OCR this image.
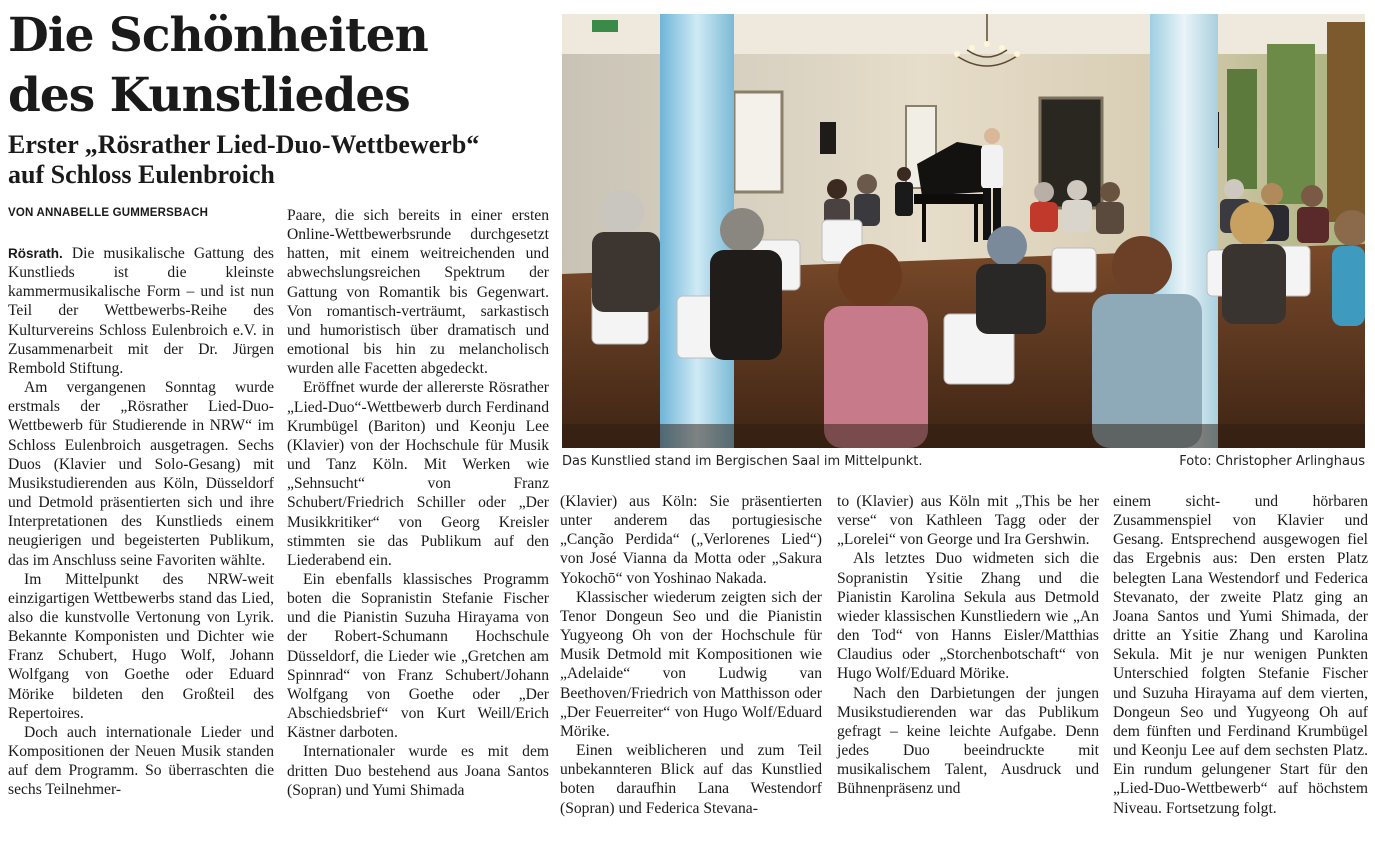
Die Schönheiten
des Kunstliedes
Erster „Rösrather Lied-Duo-Wettbewerb“
auf Schloss Eulenbroich
VON ANNABELLE GUMMERSBACH

Rösrath. Die musikalische Gattung des Kunstlieds ist die kleinste kammermusikalische Form – und ist nun Teil der Wettbewerbs-Reihe des Kulturvereins Schloss Eulenbroich e.V. in Zusammenarbeit mit der Dr. Jürgen Rembold Stiftung.

Am vergangenen Sonntag wurde erstmals der „Rösrather Lied-Duo-Wettbewerb für Studierende in NRW“ im Schloss Eulenbroich ausgetragen. Sechs Duos (Klavier und Solo-Gesang) mit Musikstudierenden aus Köln, Düsseldorf und Detmold präsentierten sich und ihre Interpretationen des Kunstlieds einem neugierigen und begeisterten Publikum, das im Anschluss seine Favoriten wählte.

Im Mittelpunkt des NRW-weit einzigartigen Wettbewerbs stand das Lied, also die kunstvolle Vertonung von Lyrik. Bekannte Komponisten und Dichter wie Franz Schubert, Hugo Wolf, Johann Wolfgang von Goethe oder Eduard Mörike bildeten den Großteil des Repertoires.

Doch auch internationale Lieder und Kompositionen der Neuen Musik standen auf dem Programm. So überraschten die sechs Teilnehmer-

Paare, die sich bereits in einer ersten Online-Wettbewerbsrunde durchgesetzt hatten, mit einem weitreichenden und abwechslungsreichen Spektrum der Gattung von Romantik bis Gegenwart. Von romantisch-verträumt, sarkastisch und humoristisch über dramatisch und emotional bis hin zu melancholisch wurden alle Facetten abgedeckt.

Eröffnet wurde der allererste Rösrather „Lied-Duo“-Wettbewerb durch Ferdinand Krumbügel (Bariton) und Keonju Lee (Klavier) von der Hochschule für Musik und Tanz Köln. Mit Werken wie „Sehnsucht“ von Franz Schubert/Friedrich Schiller oder „Der Musikkritiker“ von Georg Kreisler stimmten sie das Publikum auf den Liederabend ein.

Ein ebenfalls klassisches Programm boten die Sopranistin Stefanie Fischer und die Pianistin Suzuha Hirayama von der Robert-Schumann Hochschule Düsseldorf, die Lieder wie „Gretchen am Spinnrad“ von Franz Schubert/Johann Wolfgang von Goethe oder „Der Abschiedsbrief“ von Kurt Weill/Erich Kästner darboten.

Internationaler wurde es mit dem dritten Duo bestehend aus Joana Santos (Sopran) und Yumi Shimada

Das Kunstlied stand im Bergischen Saal im Mittelpunkt.	Foto: Christopher Arlinghaus

(Klavier) aus Köln: Sie präsentierten unter anderem das portugiesische „Canção Perdida“ („Verlorenes Lied“) von José Vianna da Motta oder „Sakura Yokochō“ von Yoshinao Nakada.

Klassischer wiederum zeigten sich der Tenor Dongeun Seo und die Pianistin Yugyeong Oh von der Hochschule für Musik Detmold mit Kompositionen wie „Adelaide“ von Ludwig van Beethoven/Friedrich von Matthisson oder „Der Feuerreiter“ von Hugo Wolf/Eduard Mörike.

Einen weiblicheren und zum Teil unbekannteren Blick auf das Kunstlied boten daraufhin Lana Westendorf (Sopran) und Federica Stevana-

to (Klavier) aus Köln mit „This be her verse“ von Kathleen Tagg oder der „Lorelei“ von George und Ira Gershwin.

Als letztes Duo widmeten sich die Sopranistin Ysitie Zhang und die Pianistin Karolina Sekula aus Detmold wieder klassischen Kunstliedern wie „An den Tod“ von Hanns Eisler/Matthias Claudius oder „Storchenbotschaft“ von Hugo Wolf/Eduard Mörike.

Nach den Darbietungen der jungen Musikstudierenden war das Publikum gefragt – keine leichte Aufgabe. Denn jedes Duo beeindruckte mit musikalischem Talent, Ausdruck und Bühnenpräsenz und

einem sicht- und hörbaren Zusammenspiel von Klavier und Gesang. Entsprechend ausgewogen fiel das Ergebnis aus: Den ersten Platz belegten Lana Westendorf und Federica Stevanato, der zweite Platz ging an Joana Santos und Yumi Shimada, der dritte an Ysitie Zhang und Karolina Sekula. Mit je nur wenigen Punkten Unterschied folgten Stefanie Fischer und Suzuha Hirayama auf dem vierten, Dongeun Seo und Yugyeong Oh auf dem fünften und Ferdinand Krumbügel und Keonju Lee auf dem sechsten Platz. Ein rundum gelungener Start für den „Lied-Duo-Wettbewerb“ auf höchstem Niveau. Fortsetzung folgt.
